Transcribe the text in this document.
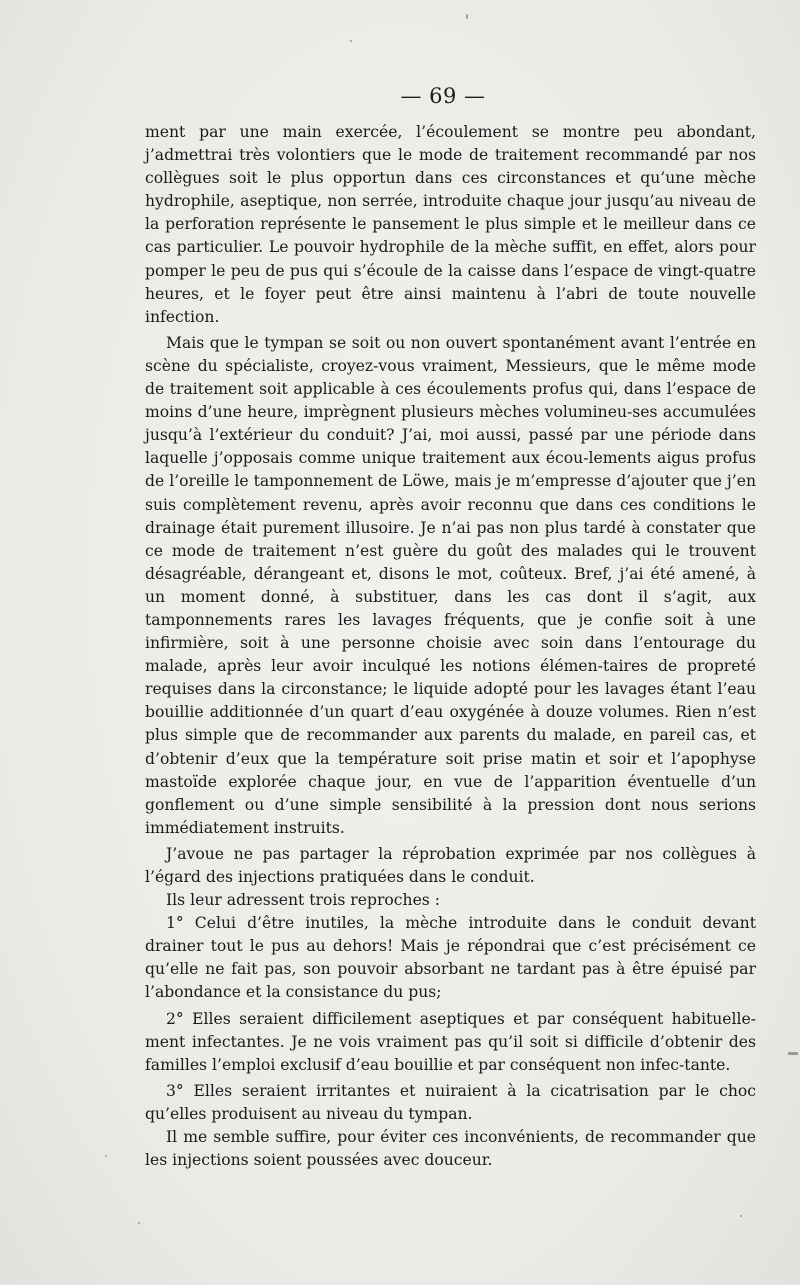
— 69 —

ment par une main exercée, l’écoulement se montre peu abondant, j’admettrai très volontiers que le mode de traitement recommandé par nos collègues soit le plus opportun dans ces circonstances et qu’une mèche hydrophile, aseptique, non serrée, introduite chaque jour jusqu’au niveau de la perforation représente le pansement le plus simple et le meilleur dans ce cas particulier. Le pouvoir hydrophile de la mèche suffit, en effet, alors pour pomper le peu de pus qui s’écoule de la caisse dans l’espace de vingt-quatre heures, et le foyer peut être ainsi maintenu à l’abri de toute nouvelle infection.

Mais que le tympan se soit ou non ouvert spontanément avant l’entrée en scène du spécialiste, croyez-vous vraiment, Messieurs, que le même mode de traitement soit applicable à ces écoulements profus qui, dans l’espace de moins d’une heure, imprègnent plusieurs mèches volumineu-ses accumulées jusqu’à l’extérieur du conduit? J’ai, moi aussi, passé par une période dans laquelle j’opposais comme unique traitement aux écou-lements aigus profus de l’oreille le tamponnement de Löwe, mais je m’empresse d’ajouter que j’en suis complètement revenu, après avoir reconnu que dans ces conditions le drainage était purement illusoire. Je n’ai pas non plus tardé à constater que ce mode de traitement n’est guère du goût des malades qui le trouvent désagréable, dérangeant et, disons le mot, coûteux. Bref, j’ai été amené, à un moment donné, à substituer, dans les cas dont il s’agit, aux tamponnements rares les lavages fréquents, que je confie soit à une infirmière, soit à une personne choisie avec soin dans l’entourage du malade, après leur avoir inculqué les notions élémen-taires de propreté requises dans la circonstance; le liquide adopté pour les lavages étant l’eau bouillie additionnée d’un quart d’eau oxygénée à douze volumes. Rien n’est plus simple que de recommander aux parents du malade, en pareil cas, et d’obtenir d’eux que la température soit prise matin et soir et l’apophyse mastoïde explorée chaque jour, en vue de l’apparition éventuelle d’un gonflement ou d’une simple sensibilité à la pression dont nous serions immédiatement instruits.

J’avoue ne pas partager la réprobation exprimée par nos collègues à l’égard des injections pratiquées dans le conduit.

Ils leur adressent trois reproches :

1° Celui d’être inutiles, la mèche introduite dans le conduit devant drainer tout le pus au dehors! Mais je répondrai que c’est précisément ce qu’elle ne fait pas, son pouvoir absorbant ne tardant pas à être épuisé par l’abondance et la consistance du pus;

2° Elles seraient difficilement aseptiques et par conséquent habituelle-ment infectantes. Je ne vois vraiment pas qu’il soit si difficile d’obtenir des familles l’emploi exclusif d’eau bouillie et par conséquent non infec-tante.

3° Elles seraient irritantes et nuiraient à la cicatrisation par le choc qu’elles produisent au niveau du tympan.

Il me semble suffire, pour éviter ces inconvénients, de recommander que les injections soient poussées avec douceur.
